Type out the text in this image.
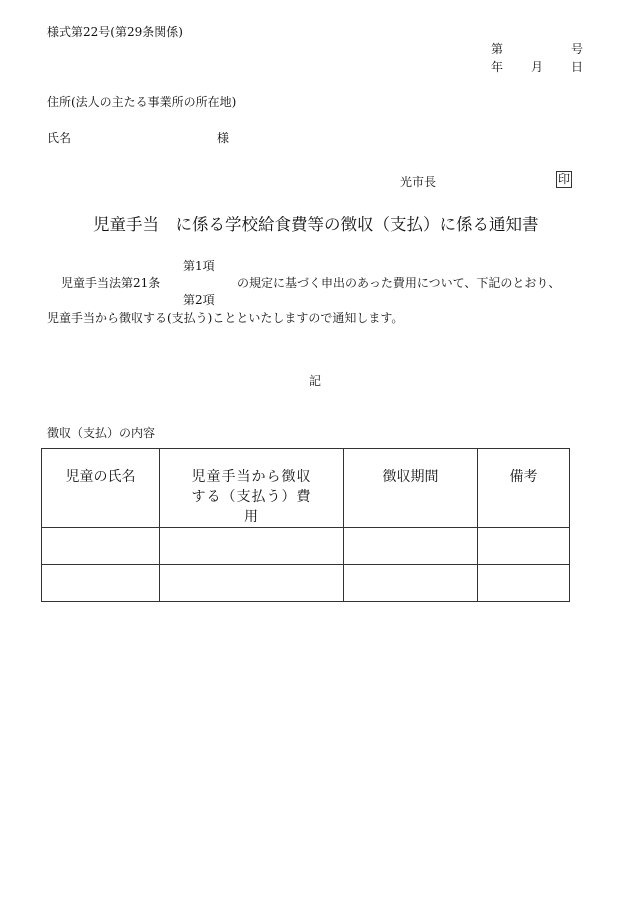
様式第22号(第29条関係)
第	号
年 月 日
住所(法人の主たる事業所の所在地)
氏名	様
光市長	印
児童手当　に係る学校給食費等の徴収（支払）に係る通知書
第1項
児童手当法第21条	の規定に基づく申出のあった費用について、下記のとおり、
第2項
児童手当から徴収する(支払う)ことといたしますので通知します。
記
徴収（支払）の内容
児童の氏名	児童手当から徴収する（支払う）費用	徴収期間	備考
